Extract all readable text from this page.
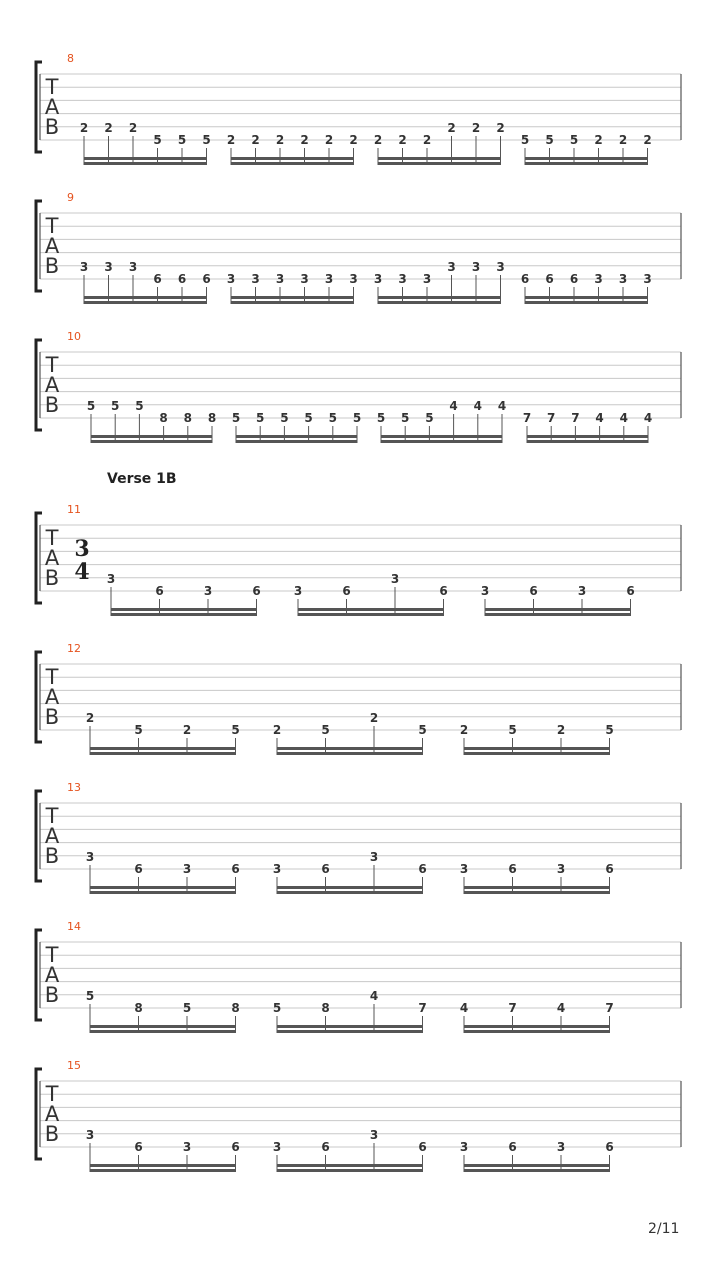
T
A
B
8
2 2 2
5 5 5 2 2 2 2 2 2 2 2 2
2 2 2
5 5 5 2 2 2
T
A
B
9
3 3 3
6 6 6 3 3 3 3 3 3 3 3 3
3 3 3
6 6 6 3 3 3
T
A
B
10
5 5 5
8 8 8 5 5 5 5 5 5 5 5 5
4 4 4
7 7 7 4 4 4
T
A
B
11
3
4 3
6	3	6	3	6
3
6	3	6	3	6
T
A
B
12
2
5	2	5	2	5
2
5	2	5	2	5
T
A
B
13
3
6	3	6	3	6
3
6	3	6	3	6
T
A
B
14
5
8	5	8	5	8
4
7	4	7	4	7
T
A
B
15
3
6	3	6	3	6
3
6	3	6	3	6
Verse 1B
2/11
